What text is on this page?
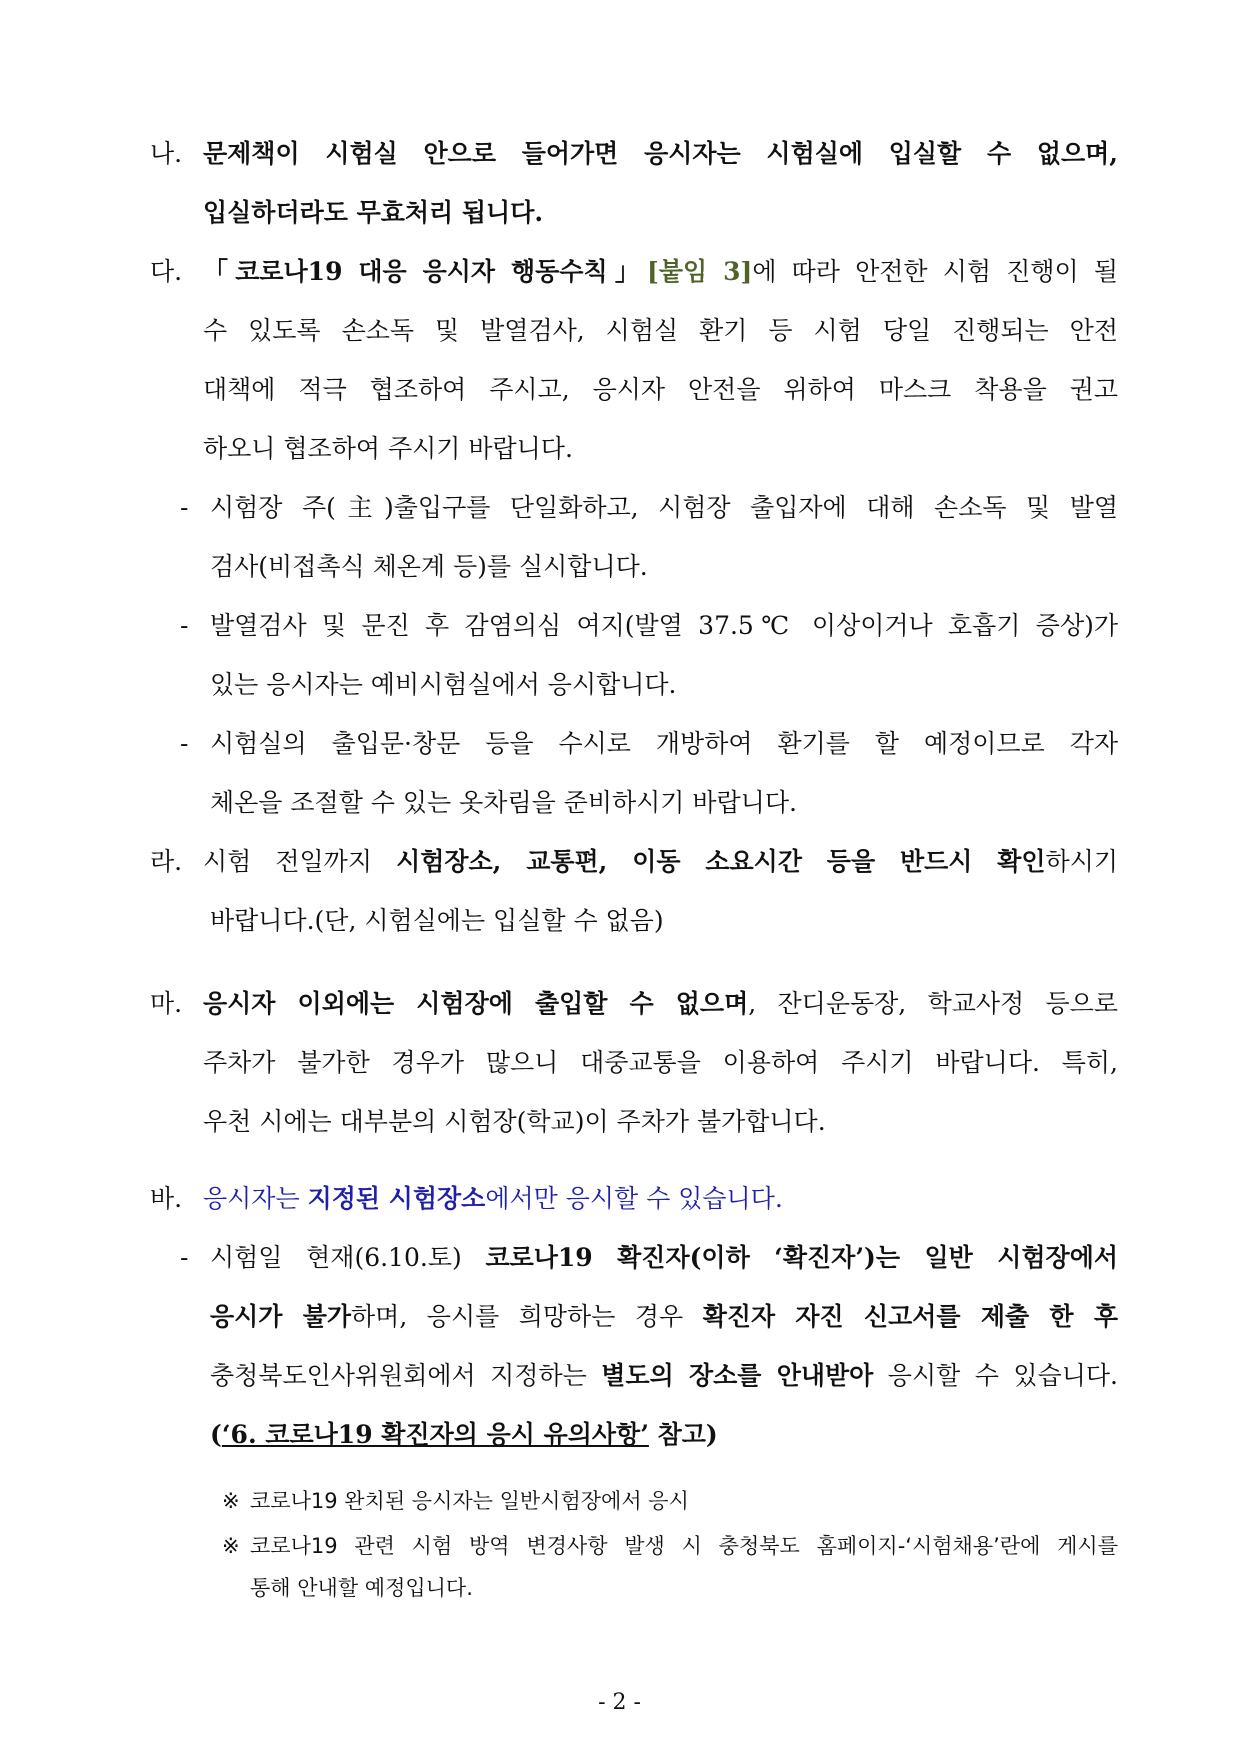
나. 문제책이 시험실 안으로 들어가면 응시자는 시험실에 입실할 수 없으며,
입실하더라도 무효처리 됩니다.
다. 「코로나19 대응 응시자 행동수칙」[붙임 3]에 따라 안전한 시험 진행이 될
수 있도록 손소독 및 발열검사, 시험실 환기 등 시험 당일 진행되는 안전
대책에 적극 협조하여 주시고, 응시자 안전을 위하여 마스크 착용을 권고
하오니 협조하여 주시기 바랍니다.
- 시험장 주(主)출입구를 단일화하고, 시험장 출입자에 대해 손소독 및 발열
검사(비접촉식 체온계 등)를 실시합니다.
- 발열검사 및 문진 후 감염의심 여지(발열 37.5℃ 이상이거나 호흡기 증상)가
있는 응시자는 예비시험실에서 응시합니다.
- 시험실의 출입문·창문 등을 수시로 개방하여 환기를 할 예정이므로 각자
체온을 조절할 수 있는 옷차림을 준비하시기 바랍니다.
라. 시험 전일까지 시험장소, 교통편, 이동 소요시간 등을 반드시 확인하시기
바랍니다.(단, 시험실에는 입실할 수 없음)
마. 응시자 이외에는 시험장에 출입할 수 없으며, 잔디운동장, 학교사정 등으로
주차가 불가한 경우가 많으니 대중교통을 이용하여 주시기 바랍니다. 특히,
우천 시에는 대부분의 시험장(학교)이 주차가 불가합니다.
바. 응시자는 지정된 시험장소에서만 응시할 수 있습니다.
- 시험일 현재(6.10.토) 코로나19 확진자(이하 ‘확진자’)는 일반 시험장에서
응시가 불가하며, 응시를 희망하는 경우 확진자 자진 신고서를 제출 한 후
충청북도인사위원회에서 지정하는 별도의 장소를 안내받아 응시할 수 있습니다.
(‘6. 코로나19 확진자의 응시 유의사항’ 참고)
※ 코로나19 완치된 응시자는 일반시험장에서 응시
※ 코로나19 관련 시험 방역 변경사항 발생 시 충청북도 홈페이지-‘시험채용’란에 게시를
통해 안내할 예정입니다.
- 2 -
